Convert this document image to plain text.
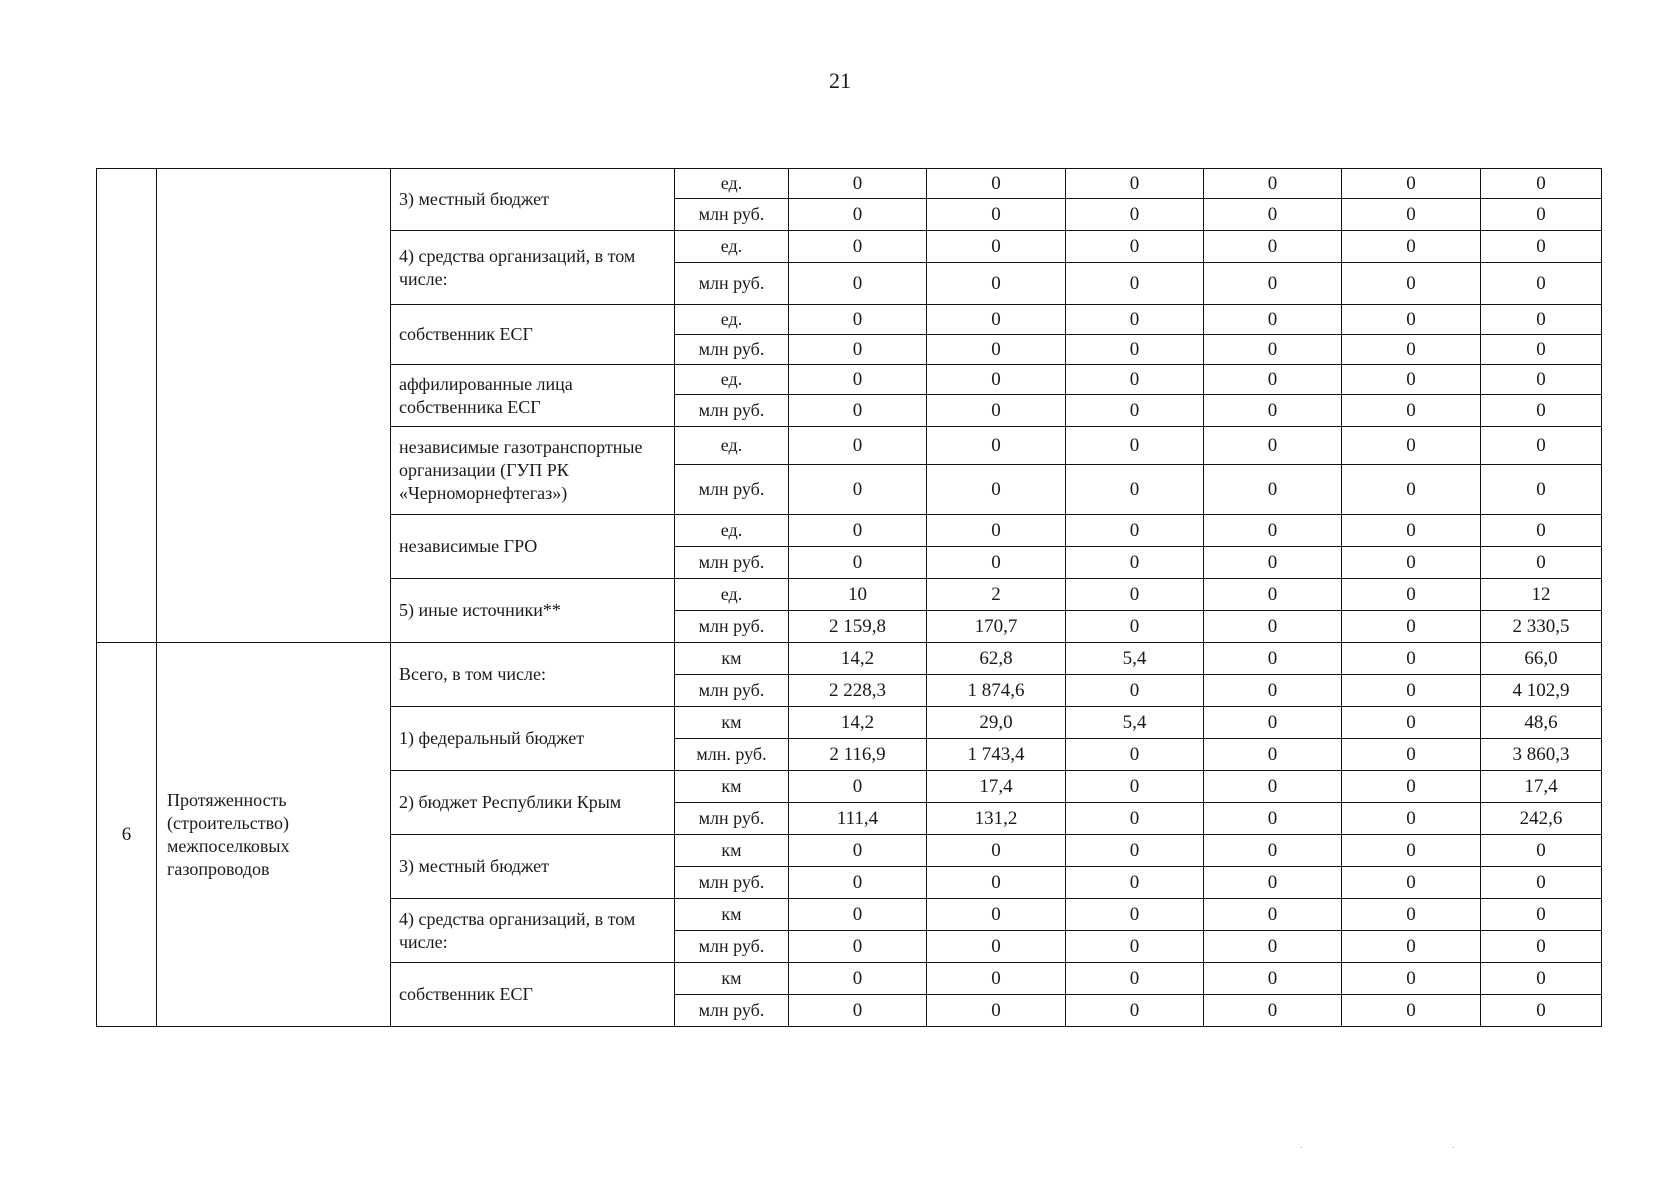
21
		3) местный бюджет	ед.	0	0	0	0	0	0
			млн руб.	0	0	0	0	0	0
		4) средства организаций, в том числе:	ед.	0	0	0	0	0	0
			млн руб.	0	0	0	0	0	0
		собственник ЕСГ	ед.	0	0	0	0	0	0
			млн руб.	0	0	0	0	0	0
		аффилированные лица собственника ЕСГ	ед.	0	0	0	0	0	0
			млн руб.	0	0	0	0	0	0
		независимые газотранспортные организации (ГУП РК «Черноморнефтегаз»)	ед.	0	0	0	0	0	0
			млн руб.	0	0	0	0	0	0
		независимые ГРО	ед.	0	0	0	0	0	0
			млн руб.	0	0	0	0	0	0
		5) иные источники**	ед.	10	2	0	0	0	12
			млн руб.	2 159,8	170,7	0	0	0	2 330,5
6	Протяженность (строительство) межпоселковых газопроводов	Всего, в том числе:	км	14,2	62,8	5,4	0	0	66,0
			млн руб.	2 228,3	1 874,6	0	0	0	4 102,9
		1) федеральный бюджет	км	14,2	29,0	5,4	0	0	48,6
			млн. руб.	2 116,9	1 743,4	0	0	0	3 860,3
		2) бюджет Республики Крым	км	0	17,4	0	0	0	17,4
			млн руб.	111,4	131,2	0	0	0	242,6
		3) местный бюджет	км	0	0	0	0	0	0
			млн руб.	0	0	0	0	0	0
		4) средства организаций, в том числе:	км	0	0	0	0	0	0
			млн руб.	0	0	0	0	0	0
		собственник ЕСГ	км	0	0	0	0	0	0
			млн руб.	0	0	0	0	0	0
.	.
